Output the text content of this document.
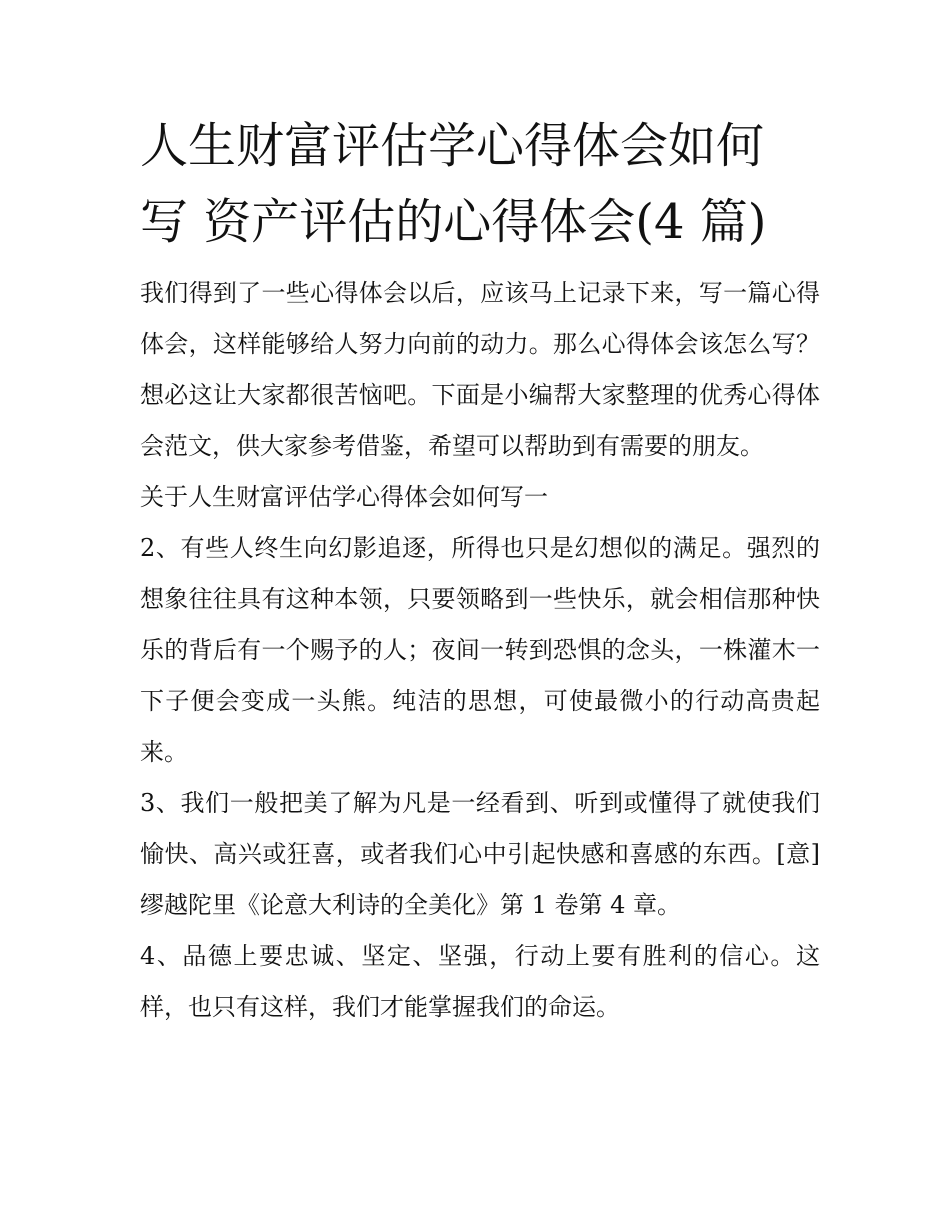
人生财富评估学心得体会如何
写 资产评估的心得体会(4 篇)

我们得到了一些心得体会以后，应该马上记录下来，写一篇心得体会，这样能够给人努力向前的动力。那么心得体会该怎么写？想必这让大家都很苦恼吧。下面是小编帮大家整理的优秀心得体会范文，供大家参考借鉴，希望可以帮助到有需要的朋友。

关于人生财富评估学心得体会如何写一

2、有些人终生向幻影追逐，所得也只是幻想似的满足。强烈的想象往往具有这种本领，只要领略到一些快乐，就会相信那种快乐的背后有一个赐予的人；夜间一转到恐惧的念头，一株灌木一下子便会变成一头熊。纯洁的思想，可使最微小的行动高贵起来。

3、我们一般把美了解为凡是一经看到、听到或懂得了就使我们愉快、高兴或狂喜，或者我们心中引起快感和喜感的东西。[意]缪越陀里《论意大利诗的全美化》第 1 卷第 4 章。

4、品德上要忠诚、坚定、坚强，行动上要有胜利的信心。这样，也只有这样，我们才能掌握我们的命运。
